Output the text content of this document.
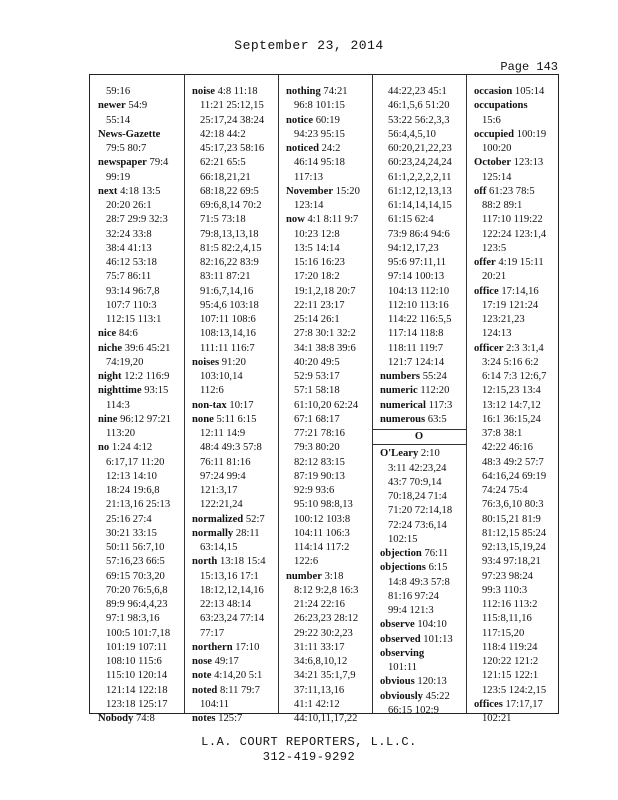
September 23, 2014
Page 143
59:16
newer 54:9
55:14
News-Gazette
79:5 80:7
newspaper 79:4
99:19
next 4:18 13:5
20:20 26:1
28:7 29:9 32:3
32:24 33:8
38:4 41:13
46:12 53:18
75:7 86:11
93:14 96:7,8
107:7 110:3
112:15 113:1
nice 84:6
niche 39:6 45:21
74:19,20
night 12:2 116:9
nighttime 93:15
114:3
nine 96:12 97:21
113:20
no 1:24 4:12
6:17,17 11:20
12:13 14:10
18:24 19:6,8
21:13,16 25:13
25:16 27:4
30:21 33:15
50:11 56:7,10
57:16,23 66:5
69:15 70:3,20
70:20 76:5,6,8
89:9 96:4,4,23
97:1 98:3,16
100:5 101:7,18
101:19 107:11
108:10 115:6
115:10 120:14
121:14 122:18
123:18 125:17
Nobody 74:8
noise 4:8 11:18
11:21 25:12,15
25:17,24 38:24
42:18 44:2
45:17,23 58:16
62:21 65:5
66:18,21,21
68:18,22 69:5
69:6,8,14 70:2
71:5 73:18
79:8,13,13,18
81:5 82:2,4,15
82:16,22 83:9
83:11 87:21
91:6,7,14,16
95:4,6 103:18
107:11 108:6
108:13,14,16
111:11 116:7
noises 91:20
103:10,14
112:6
non-tax 10:17
none 5:11 6:15
12:11 14:9
48:4 49:3 57:8
76:11 81:16
97:24 99:4
121:3,17
122:21,24
normalized 52:7
normally 28:11
63:14,15
north 13:18 15:4
15:13,16 17:1
18:12,12,14,16
22:13 48:14
63:23,24 77:14
77:17
northern 17:10
nose 49:17
note 4:14,20 5:1
noted 8:11 79:7
104:11
notes 125:7
nothing 74:21
96:8 101:15
notice 60:19
94:23 95:15
noticed 24:2
46:14 95:18
117:13
November 15:20
123:14
now 4:1 8:11 9:7
10:23 12:8
13:5 14:14
15:16 16:23
17:20 18:2
19:1,2,18 20:7
22:11 23:17
25:14 26:1
27:8 30:1 32:2
34:1 38:8 39:6
40:20 49:5
52:9 53:17
57:1 58:18
61:10,20 62:24
67:1 68:17
77:21 78:16
79:3 80:20
82:12 83:15
87:19 90:13
92:9 93:6
95:10 98:8,13
100:12 103:8
104:11 106:3
114:14 117:2
122:6
number 3:18
8:12 9:2,8 16:3
21:24 22:16
26:23,23 28:12
29:22 30:2,23
31:11 33:17
34:6,8,10,12
34:21 35:1,7,9
37:11,13,16
41:1 42:12
44:10,11,17,22
44:22,23 45:1
46:1,5,6 51:20
53:22 56:2,3,3
56:4,4,5,10
60:20,21,22,23
60:23,24,24,24
61:1,2,2,2,2,11
61:12,12,13,13
61:14,14,14,15
61:15 62:4
73:9 86:4 94:6
94:12,17,23
95:6 97:11,11
97:14 100:13
104:13 112:10
112:10 113:16
114:22 116:5,5
117:14 118:8
118:11 119:7
121:7 124:14
numbers 55:24
numeric 112:20
numerical 117:3
numerous 63:5
O
O'Leary 2:10
3:11 42:23,24
43:7 70:9,14
70:18,24 71:4
71:20 72:14,18
72:24 73:6,14
102:15
objection 76:11
objections 6:15
14:8 49:3 57:8
81:16 97:24
99:4 121:3
observe 104:10
observed 101:13
observing
101:11
obvious 120:13
obviously 45:22
66:15 102:9
occasion 105:14
occupations
15:6
occupied 100:19
100:20
October 123:13
125:14
off 61:23 78:5
88:2 89:1
117:10 119:22
122:24 123:1,4
123:5
offer 4:19 15:11
20:21
office 17:14,16
17:19 121:24
123:21,23
124:13
officer 2:3 3:1,4
3:24 5:16 6:2
6:14 7:3 12:6,7
12:15,23 13:4
13:12 14:7,12
16:1 36:15,24
37:8 38:1
42:22 46:16
48:3 49:2 57:7
64:16,24 69:19
74:24 75:4
76:3,6,10 80:3
80:15,21 81:9
81:12,15 85:24
92:13,15,19,24
93:4 97:18,21
97:23 98:24
99:3 110:3
112:16 113:2
115:8,11,16
117:15,20
118:4 119:24
120:22 121:2
121:15 122:1
123:5 124:2,15
offices 17:17,17
102:21
L.A. COURT REPORTERS, L.L.C.
312-419-9292
